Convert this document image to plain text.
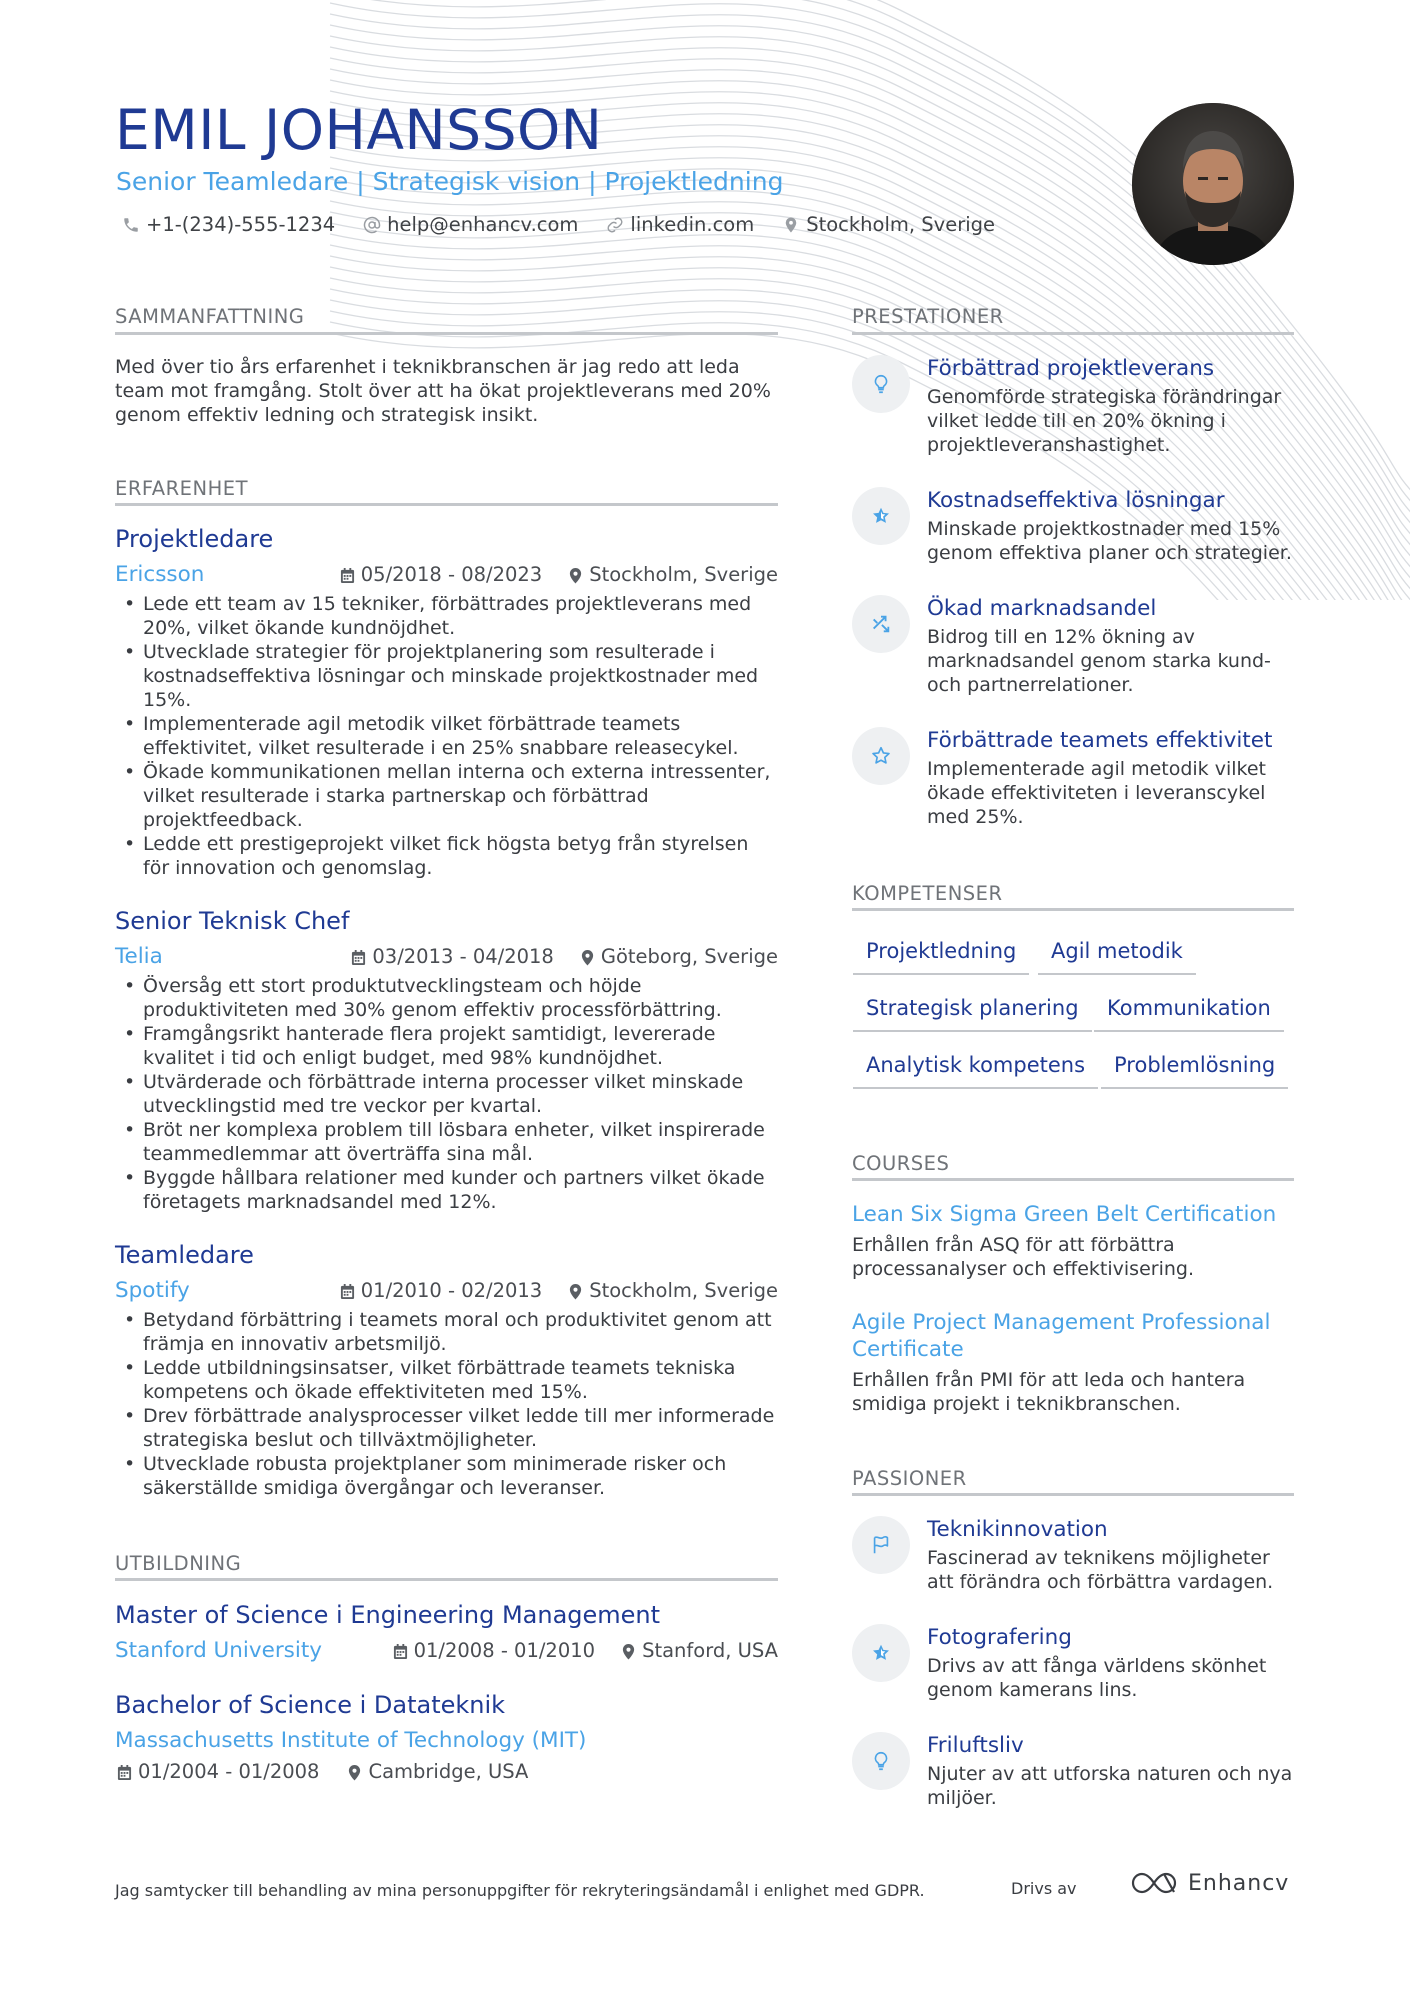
EMIL JOHANSSON
Senior Teamledare | Strategisk vision | Projektledning
+1-(234)-555-1234	help@enhancv.com	linkedin.com	Stockholm, Sverige
SAMMANFATTNING
Med över tio års erfarenhet i teknikbranschen är jag redo att leda team mot framgång. Stolt över att ha ökat projektleverans med 20% genom effektiv ledning och strategisk insikt.
ERFARENHET
Projektledare
Ericsson	05/2018 - 08/2023 Stockholm, Sverige
• Lede ett team av 15 tekniker, förbättrades projektleverans med 20%, vilket ökande kundnöjdhet.
• Utvecklade strategier för projektplanering som resulterade i kostnadseffektiva lösningar och minskade projektkostnader med 15%.
• Implementerade agil metodik vilket förbättrade teamets effektivitet, vilket resulterade i en 25% snabbare releasecykel.
• Ökade kommunikationen mellan interna och externa intressenter, vilket resulterade i starka partnerskap och förbättrad projektfeedback.
• Ledde ett prestigeprojekt vilket fick högsta betyg från styrelsen för innovation och genomslag.
Senior Teknisk Chef
Telia	03/2013 - 04/2018 Göteborg, Sverige
• Översåg ett stort produktutvecklingsteam och höjde produktiviteten med 30% genom effektiv processförbättring.
• Framgångsrikt hanterade flera projekt samtidigt, levererade kvalitet i tid och enligt budget, med 98% kundnöjdhet.
• Utvärderade och förbättrade interna processer vilket minskade utvecklingstid med tre veckor per kvartal.
• Bröt ner komplexa problem till lösbara enheter, vilket inspirerade teammedlemmar att överträffa sina mål.
• Byggde hållbara relationer med kunder och partners vilket ökade företagets marknadsandel med 12%.
Teamledare
Spotify	01/2010 - 02/2013 Stockholm, Sverige
• Betydand förbättring i teamets moral och produktivitet genom att främja en innovativ arbetsmiljö.
• Ledde utbildningsinsatser, vilket förbättrade teamets tekniska kompetens och ökade effektiviteten med 15%.
• Drev förbättrade analysprocesser vilket ledde till mer informerade strategiska beslut och tillväxtmöjligheter.
• Utvecklade robusta projektplaner som minimerade risker och säkerställde smidiga övergångar och leveranser.
UTBILDNING
Master of Science i Engineering Management
Stanford University	01/2008 - 01/2010 Stanford, USA
Bachelor of Science i Datateknik
Massachusetts Institute of Technology (MIT)
01/2004 - 01/2008	Cambridge, USA
PRESTATIONER
Förbättrad projektleverans
Genomförde strategiska förändringar vilket ledde till en 20% ökning i projektleveranshastighet.
Kostnadseffektiva lösningar
Minskade projektkostnader med 15% genom effektiva planer och strategier.
Ökad marknadsandel
Bidrog till en 12% ökning av marknadsandel genom starka kund- och partnerrelationer.
Förbättrade teamets effektivitet
Implementerade agil metodik vilket ökade effektiviteten i leveranscykel med 25%.
KOMPETENSER
Projektledning	Agil metodik
Strategisk planering	Kommunikation
Analytisk kompetens	Problemlösning
COURSES
Lean Six Sigma Green Belt Certification
Erhållen från ASQ för att förbättra processanalyser och effektivisering.
Agile Project Management Professional Certificate
Erhållen från PMI för att leda och hantera smidiga projekt i teknikbranschen.
PASSIONER
Teknikinnovation
Fascinerad av teknikens möjligheter att förändra och förbättra vardagen.
Fotografering
Drivs av att fånga världens skönhet genom kamerans lins.
Friluftsliv
Njuter av att utforska naturen och nya miljöer.
Jag samtycker till behandling av mina personuppgifter för rekryteringsändamål i enlighet med GDPR.	Drivs av	Enhancv
